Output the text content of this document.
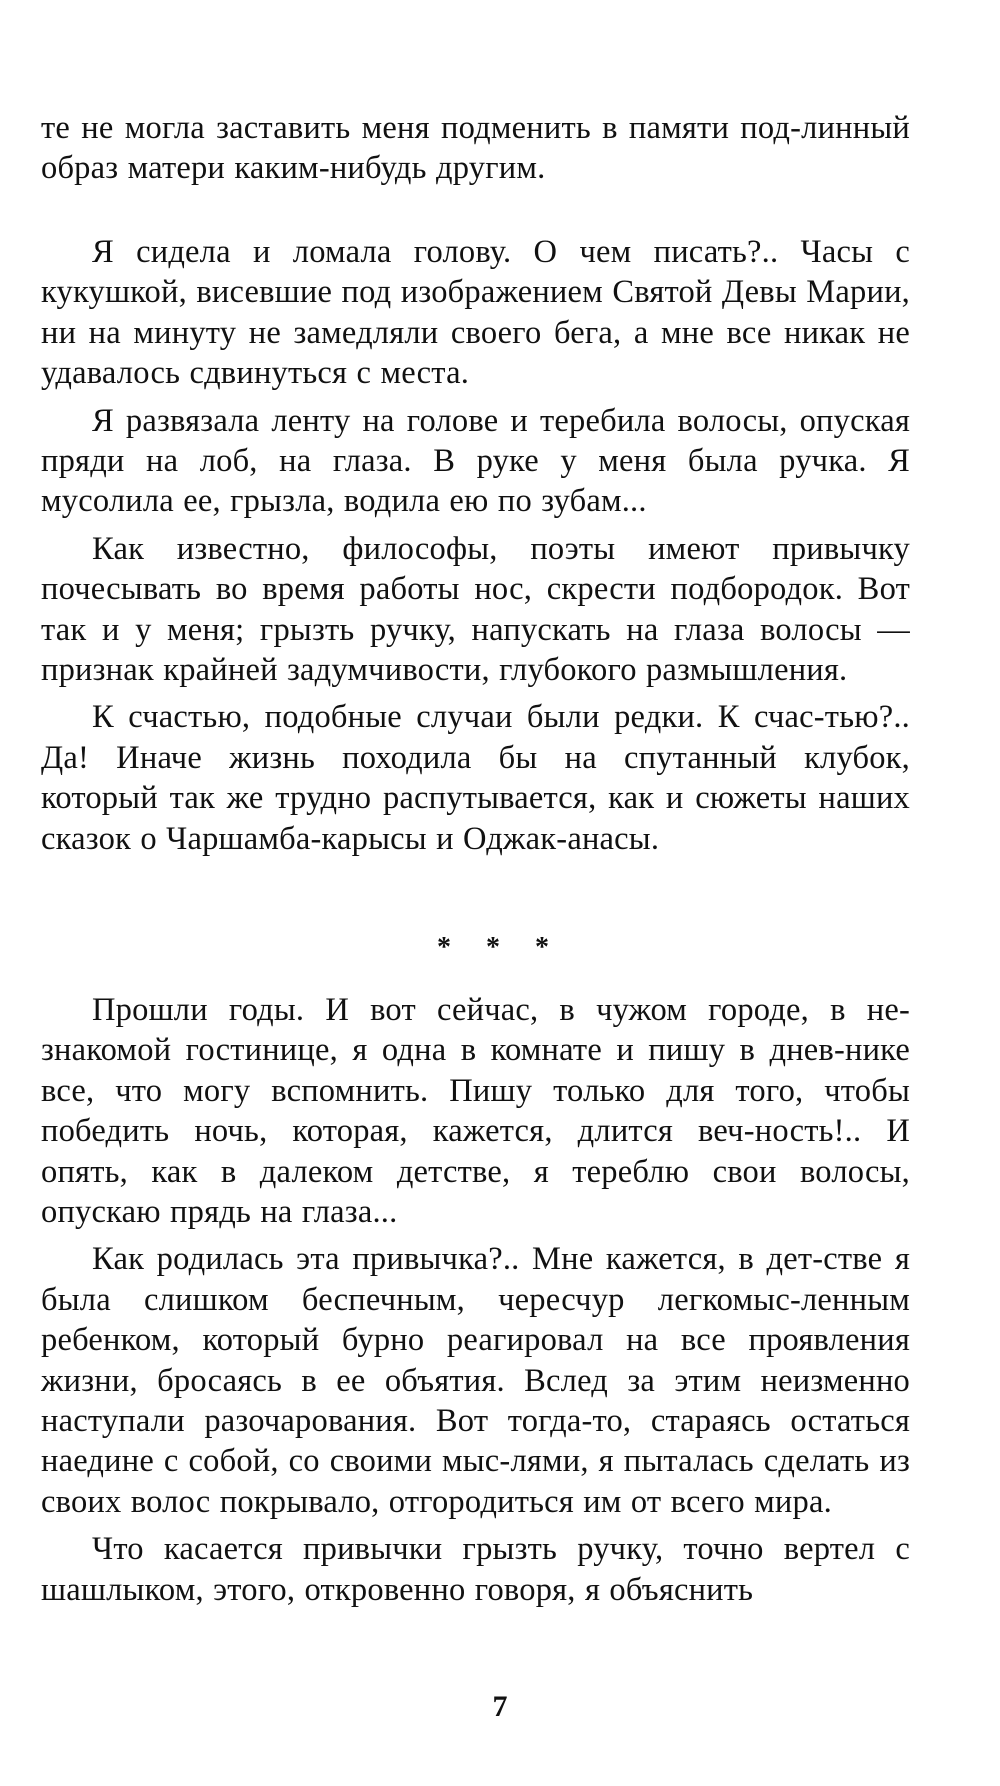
те не могла заставить меня подменить в памяти под-линный образ матери каким-нибудь другим.

Я сидела и ломала голову. О чем писать?.. Часы с кукушкой, висевшие под изображением Святой Девы Марии, ни на минуту не замедляли своего бега, а мне все никак не удавалось сдвинуться с места.

Я развязала ленту на голове и теребила волосы, опуская пряди на лоб, на глаза. В руке у меня была ручка. Я мусолила ее, грызла, водила ею по зубам...

Как известно, философы, поэты имеют привычку почесывать во время работы нос, скрести подбородок. Вот так и у меня; грызть ручку, напускать на глаза волосы — признак крайней задумчивости, глубокого размышления.

К счастью, подобные случаи были редки. К счас-тью?.. Да! Иначе жизнь походила бы на спутанный клубок, который так же трудно распутывается, как и сюжеты наших сказок о Чаршамба-карысы и Оджак-анасы.

* * *

Прошли годы. И вот сейчас, в чужом городе, в не-знакомой гостинице, я одна в комнате и пишу в днев-нике все, что могу вспомнить. Пишу только для того, чтобы победить ночь, которая, кажется, длится веч-ность!.. И опять, как в далеком детстве, я тереблю свои волосы, опускаю прядь на глаза...

Как родилась эта привычка?.. Мне кажется, в дет-стве я была слишком беспечным, чересчур легкомыс-ленным ребенком, который бурно реагировал на все проявления жизни, бросаясь в ее объятия. Вслед за этим неизменно наступали разочарования. Вот тогда-то, стараясь остаться наедине с собой, со своими мыс-лями, я пыталась сделать из своих волос покрывало, отгородиться им от всего мира.

Что касается привычки грызть ручку, точно вертел с шашлыком, этого, откровенно говоря, я объяснить

7
